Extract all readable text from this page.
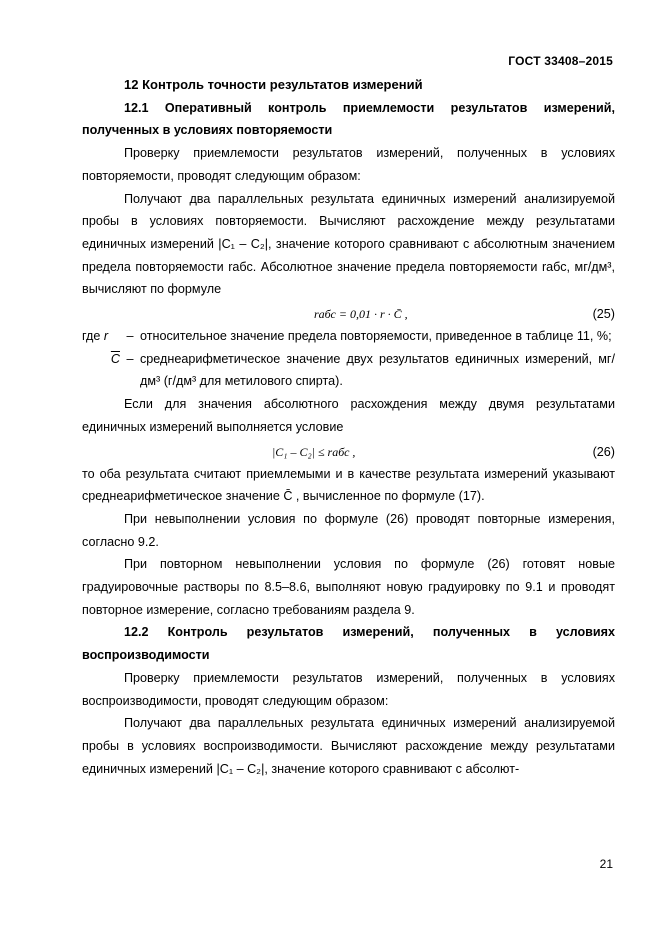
ГОСТ 33408–2015

12 Контроль точности результатов измерений

12.1 Оперативный контроль приемлемости результатов измерений, полученных в условиях повторяемости

Проверку приемлемости результатов измерений, полученных в условиях повторяемости, проводят следующим образом:

Получают два параллельных результата единичных измерений анализируемой пробы в условиях повторяемости. Вычисляют расхождение между результатами единичных измерений |C₁ – C₂|, значение которого сравнивают с абсолютным значением предела повторяемости rабс. Абсолютное значение предела повторяемости rабс, мг/дм³, вычисляют по формуле

rабс = 0,01 · r · C̄ ,	(25)
где r	– относительное значение предела повторяемости, приведенное в таблице 11, %;
$\overline{C}$ – среднеарифметическое значение двух результатов единичных измерений, мг/дм³ (г/дм³ для метилового спирта).

Если для значения абсолютного расхождения между двумя результатами единичных измерений выполняется условие

|C₁ – C₂| ≤ rабс ,	(26)

то оба результата считают приемлемыми и в качестве результата измерений указывают среднеарифметическое значение C̄ , вычисленное по формуле (17).

При невыполнении условия по формуле (26) проводят повторные измерения, согласно 9.2.

При повторном невыполнении условия по формуле (26) готовят новые градуировочные растворы по 8.5–8.6, выполняют новую градуировку по 9.1 и проводят повторное измерение, согласно требованиям раздела 9.

12.2 Контроль результатов измерений, полученных в условиях воспроизводимости

Проверку приемлемости результатов измерений, полученных в условиях воспроизводимости, проводят следующим образом:

Получают два параллельных результата единичных измерений анализируемой пробы в условиях воспроизводимости. Вычисляют расхождение между результатами единичных измерений |C₁ – C₂|, значение которого сравнивают с абсолют-

21
